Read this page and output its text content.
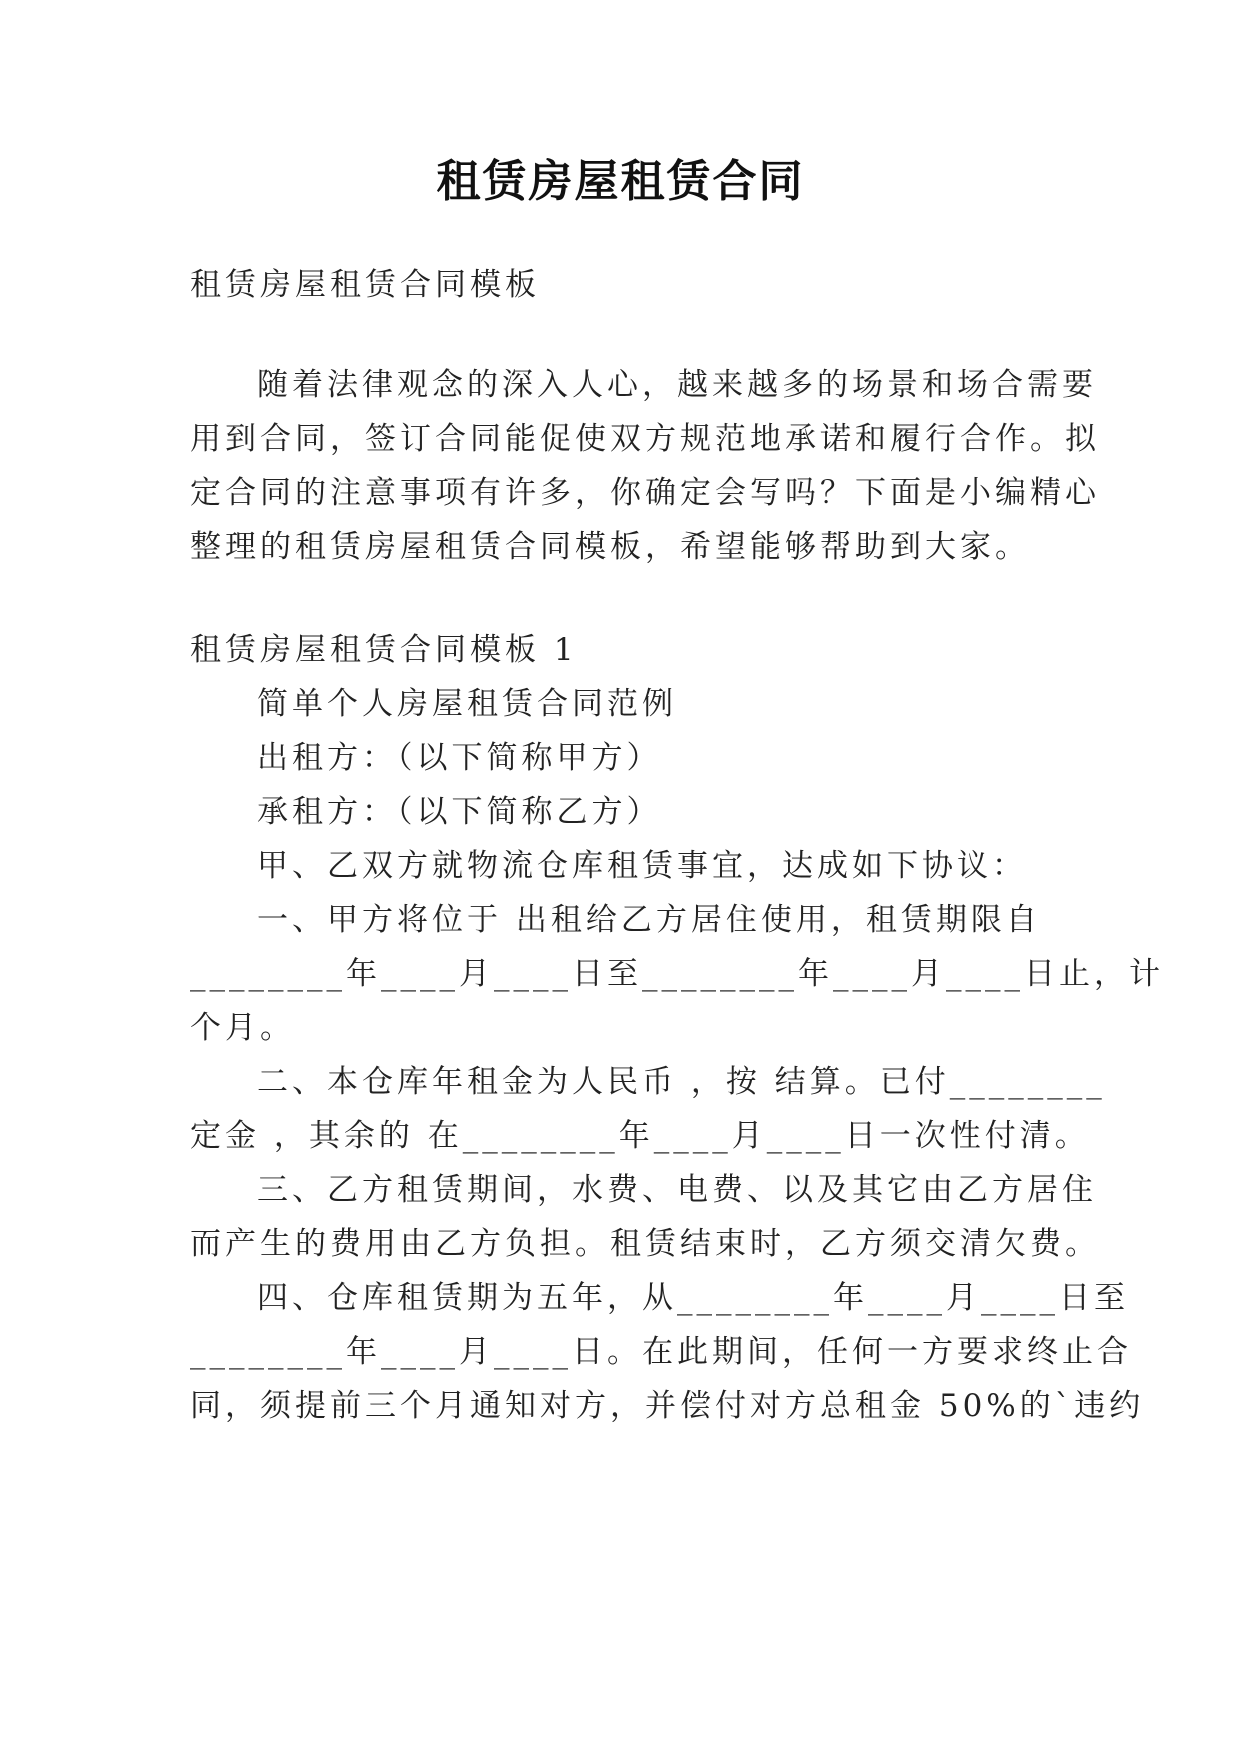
租赁房屋租赁合同
租赁房屋租赁合同模板
随着法律观念的深入人心，越来越多的场景和场合需要
用到合同，签订合同能促使双方规范地承诺和履行合作。拟
定合同的注意事项有许多，你确定会写吗？下面是小编精心
整理的租赁房屋租赁合同模板，希望能够帮助到大家。
租赁房屋租赁合同模板 1
简单个人房屋租赁合同范例
出租方：（以下简称甲方）
承租方：（以下简称乙方）
甲、乙双方就物流仓库租赁事宜，达成如下协议：
一、甲方将位于 出租给乙方居住使用，租赁期限自
________年____月____日至________年____月____日止，计
个月。
二、本仓库年租金为人民币 ，按 结算。已付________
定金 ，其余的 在________年____月____日一次性付清。
三、乙方租赁期间，水费、电费、以及其它由乙方居住
而产生的费用由乙方负担。租赁结束时，乙方须交清欠费。
四、仓库租赁期为五年，从________年____月____日至
________年____月____日。在此期间，任何一方要求终止合
同，须提前三个月通知对方，并偿付对方总租金 50%的`违约
